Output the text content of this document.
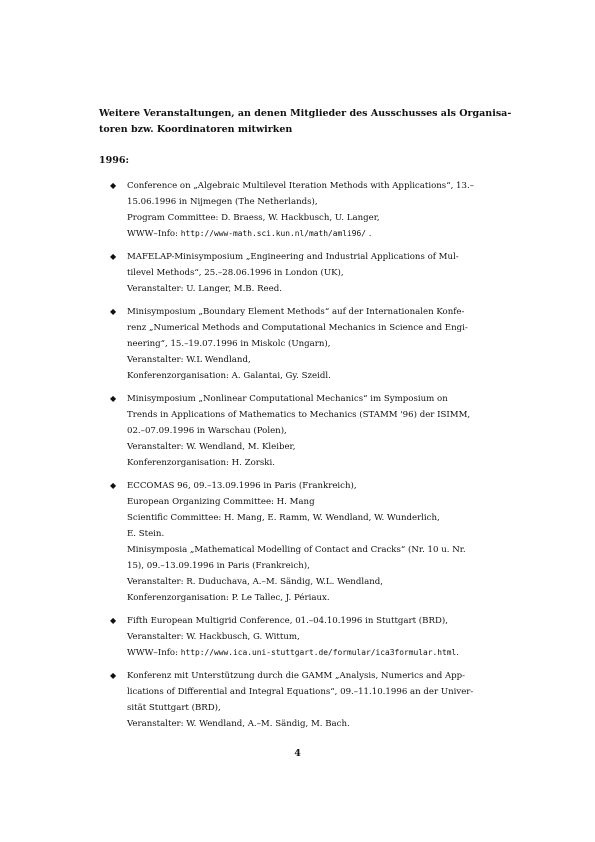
Weitere Veranstaltungen, an denen Mitglieder des Ausschusses als Organisa-
toren bzw. Koordinatoren mitwirken
1996:
◆ Conference on „Algebraic Multilevel Iteration Methods with Applications“, 13.–
15.06.1996 in Nijmegen (The Netherlands),
Program Committee: D. Braess, W. Hackbusch, U. Langer,
WWW–Info: http://www-math.sci.kun.nl/math/amli96/ .
◆ MAFELAP-Minisymposium „Engineering and Industrial Applications of Mul-
tilevel Methods“, 25.–28.06.1996 in London (UK),
Veranstalter: U. Langer, M.B. Reed.
◆ Minisymposium „Boundary Element Methods“ auf der Internationalen Konfe-
renz „Numerical Methods and Computational Mechanics in Science and Engi-
neering“, 15.–19.07.1996 in Miskolc (Ungarn),
Veranstalter: W.L Wendland,
Konferenzorganisation: A. Galantai, Gy. Szeidl.
◆ Minisymposium „Nonlinear Computational Mechanics“ im Symposium on
Trends in Applications of Mathematics to Mechanics (STAMM '96) der ISIMM,
02.–07.09.1996 in Warschau (Polen),
Veranstalter: W. Wendland, M. Kleiber,
Konferenzorganisation: H. Zorski.
◆ ECCOMAS 96, 09.–13.09.1996 in Paris (Frankreich),
European Organizing Committee: H. Mang
Scientific Committee: H. Mang, E. Ramm, W. Wendland, W. Wunderlich,
E. Stein.
Minisymposia „Mathematical Modelling of Contact and Cracks“ (Nr. 10 u. Nr.
15), 09.–13.09.1996 in Paris (Frankreich),
Veranstalter: R. Duduchava, A.–M. Sändig, W.L. Wendland,
Konferenzorganisation: P. Le Tallec, J. Périaux.
◆ Fifth European Multigrid Conference, 01.–04.10.1996 in Stuttgart (BRD),
Veranstalter: W. Hackbusch, G. Wittum,
WWW–Info: http://www.ica.uni-stuttgart.de/formular/ica3formular.html.
◆ Konferenz mit Unterstützung durch die GAMM „Analysis, Numerics and App-
lications of Differential and Integral Equations“, 09.–11.10.1996 an der Univer-
sität Stuttgart (BRD),
Veranstalter: W. Wendland, A.–M. Sändig, M. Bach.
4
